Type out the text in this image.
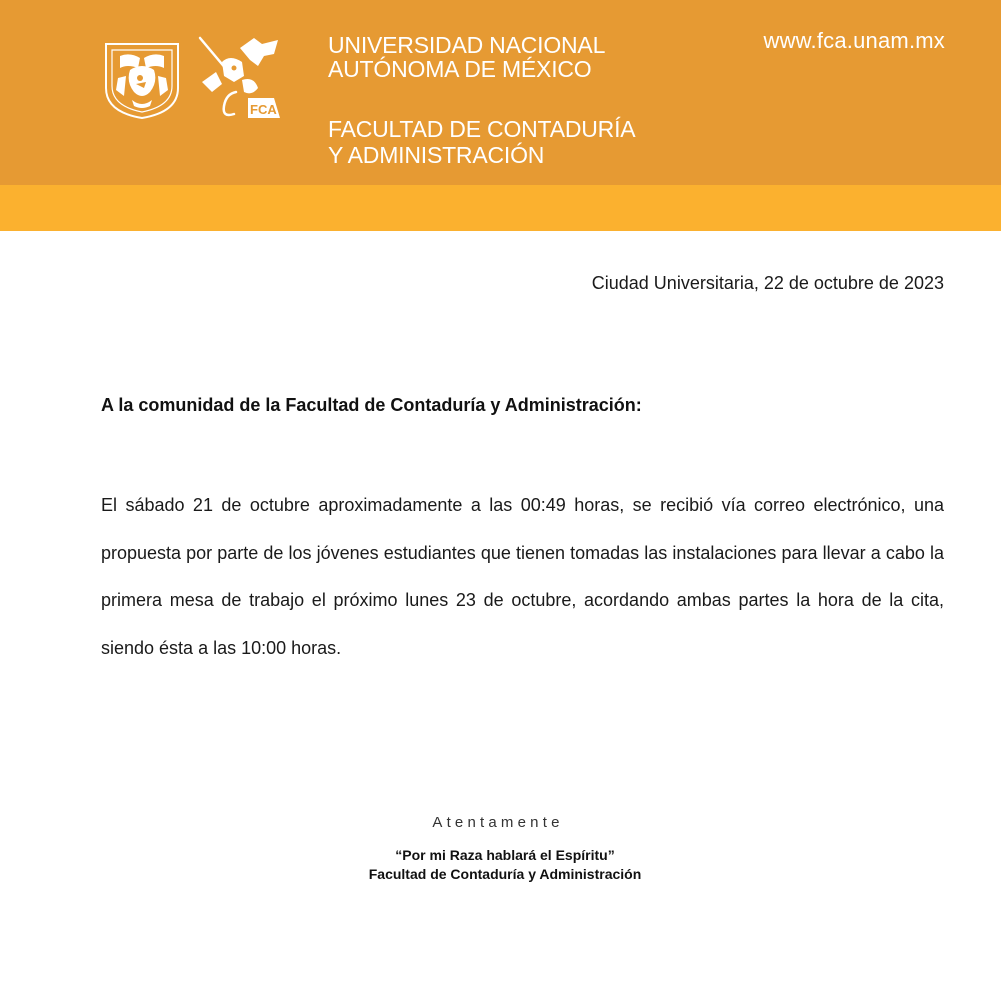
FCA
UNIVERSIDAD NACIONAL
AUTÓNOMA DE MÉXICO
FACULTAD DE CONTADURÍA
Y ADMINISTRACIÓN
www.fca.unam.mx
Ciudad Universitaria, 22 de octubre de 2023
A la comunidad de la Facultad de Contaduría y Administración:
El sábado 21 de octubre aproximadamente a las 00:49 horas, se recibió vía correo electrónico, una propuesta por parte de los jóvenes estudiantes que tienen tomadas las instalaciones para llevar a cabo la primera mesa de trabajo el próximo lunes 23 de octubre, acordando ambas partes la hora de la cita, siendo ésta a las 10:00 horas.
Atentamente
“Por mi Raza hablará el Espíritu”
Facultad de Contaduría y Administración
